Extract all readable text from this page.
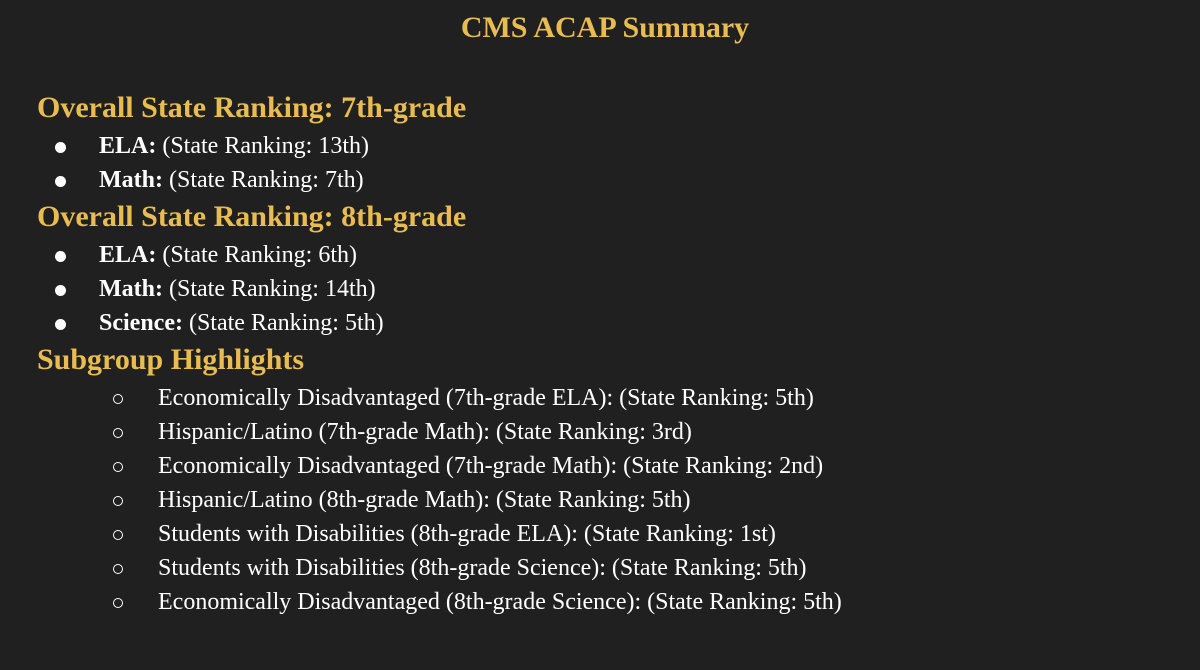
CMS ACAP Summary
Overall State Ranking: 7th-grade
ELA: (State Ranking: 13th)
Math: (State Ranking: 7th)
Overall State Ranking: 8th-grade
ELA: (State Ranking: 6th)
Math: (State Ranking: 14th)
Science: (State Ranking: 5th)
Subgroup Highlights
Economically Disadvantaged (7th-grade ELA): (State Ranking: 5th)
Hispanic/Latino (7th-grade Math): (State Ranking: 3rd)
Economically Disadvantaged (7th-grade Math): (State Ranking: 2nd)
Hispanic/Latino (8th-grade Math): (State Ranking: 5th)
Students with Disabilities (8th-grade ELA): (State Ranking: 1st)
Students with Disabilities (8th-grade Science): (State Ranking: 5th)
Economically Disadvantaged (8th-grade Science): (State Ranking: 5th)
